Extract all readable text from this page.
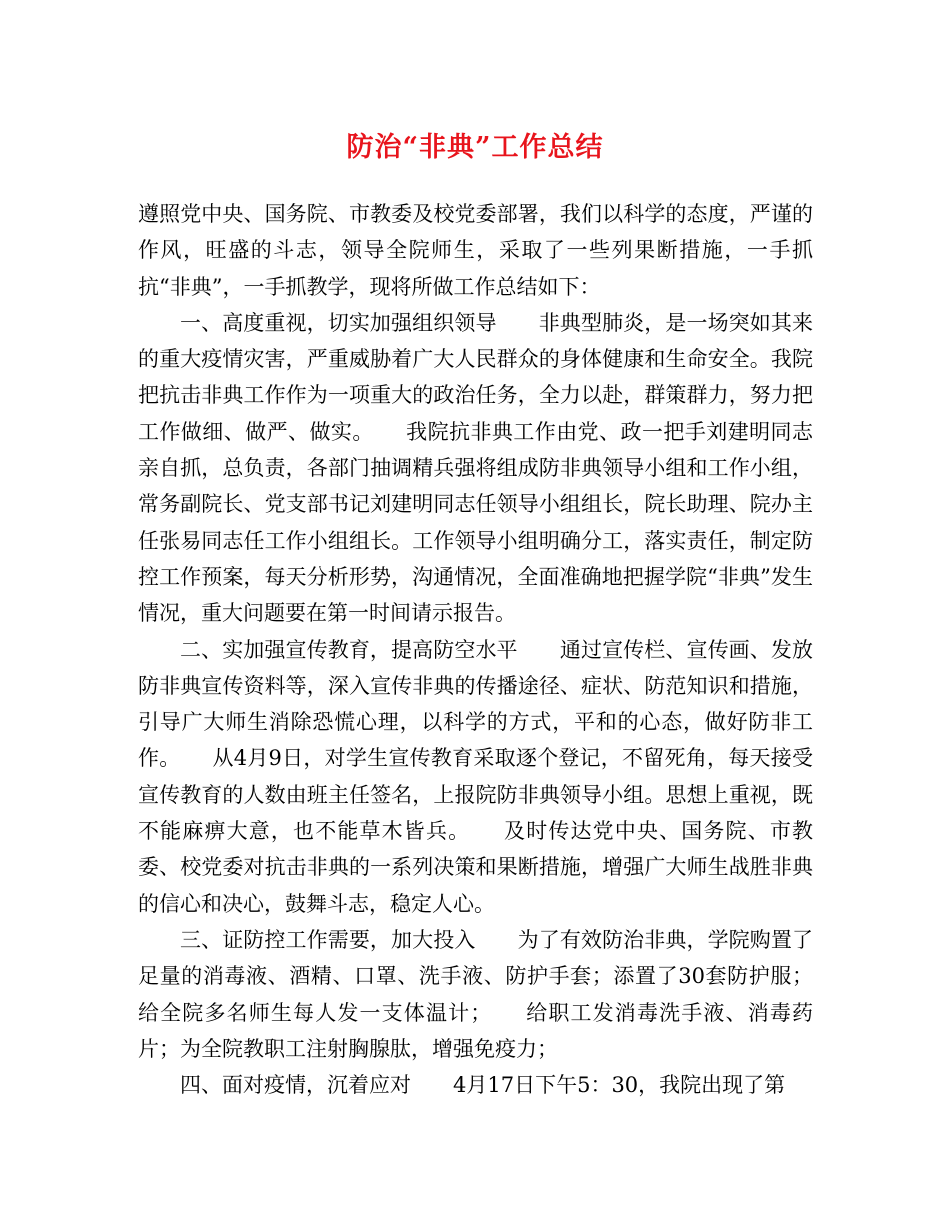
防治“非典”工作总结

遵照党中央、国务院、市教委及校党委部署，我们以科学的态度，严谨的作风，旺盛的斗志，领导全院师生，采取了一些列果断措施，一手抓抗“非典”，一手抓教学，现将所做工作总结如下：

一、高度重视，切实加强组织领导　　非典型肺炎，是一场突如其来的重大疫情灾害，严重威胁着广大人民群众的身体健康和生命安全。我院把抗击非典工作作为一项重大的政治任务，全力以赴，群策群力，努力把工作做细、做严、做实。　　我院抗非典工作由党、政一把手刘建明同志亲自抓，总负责，各部门抽调精兵强将组成防非典领导小组和工作小组，常务副院长、党支部书记刘建明同志任领导小组组长，院长助理、院办主任张易同志任工作小组组长。工作领导小组明确分工，落实责任，制定防控工作预案，每天分析形势，沟通情况，全面准确地把握学院“非典”发生情况，重大问题要在第一时间请示报告。

二、实加强宣传教育，提高防空水平　　通过宣传栏、宣传画、发放防非典宣传资料等，深入宣传非典的传播途径、症状、防范知识和措施，引导广大师生消除恐慌心理，以科学的方式，平和的心态，做好防非工作。　　从4月9日，对学生宣传教育采取逐个登记，不留死角，每天接受宣传教育的人数由班主任签名，上报院防非典领导小组。思想上重视，既不能麻痹大意，也不能草木皆兵。　　及时传达党中央、国务院、市教委、校党委对抗击非典的一系列决策和果断措施，增强广大师生战胜非典的信心和决心，鼓舞斗志，稳定人心。

三、证防控工作需要，加大投入　　为了有效防治非典，学院购置了足量的消毒液、酒精、口罩、洗手液、防护手套；添置了30套防护服；给全院多名师生每人发一支体温计；　　给职工发消毒洗手液、消毒药片；为全院教职工注射胸腺肽，增强免疫力；

四、面对疫情，沉着应对　　4月17日下午5：30，我院出现了第
